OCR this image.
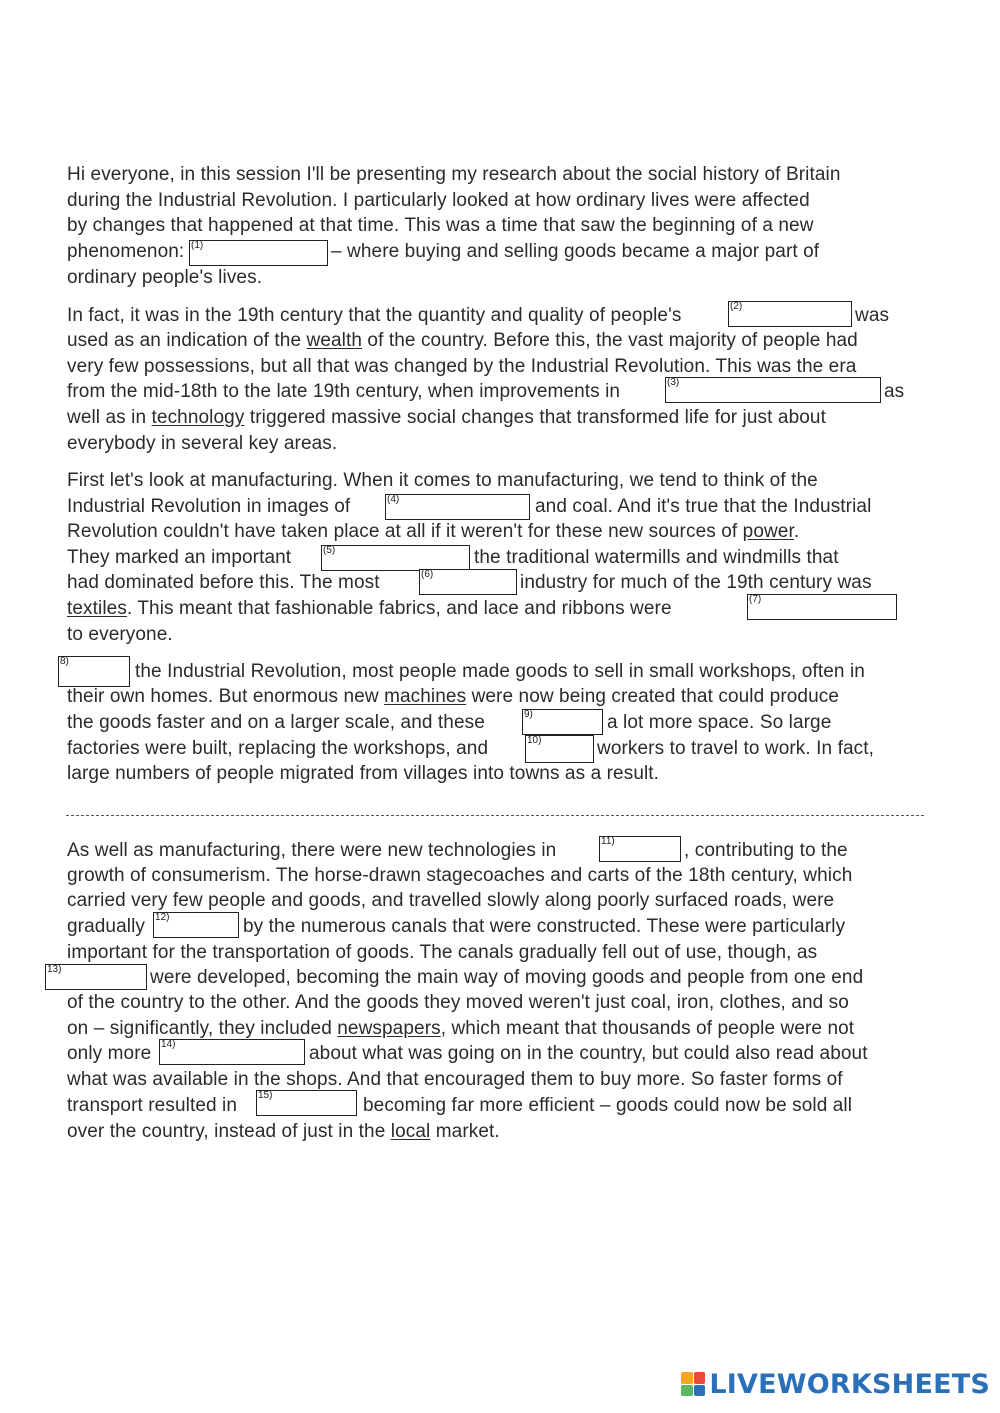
Hi everyone, in this session I'll be presenting my research about the social history of Britain
during the Industrial Revolution. I particularly looked at how ordinary lives were affected
by changes that happened at that time. This was a time that saw the beginning of a new
phenomenon: (1)	– where buying and selling goods became a major part of
ordinary people's lives.
In fact, it was in the 19th century that the quantity and quality of people's	(2)	was
used as an indication of the wealth of the country. Before this, the vast majority of people had
very few possessions, but all that was changed by the Industrial Revolution. This was the era
from the mid-18th to the late 19th century, when improvements in	(3)	as
well as in technology triggered massive social changes that transformed life for just about
everybody in several key areas.
First let's look at manufacturing. When it comes to manufacturing, we tend to think of the
Industrial Revolution in images of	(4)	and coal. And it's true that the Industrial
Revolution couldn't have taken place at all if it weren't for these new sources of power.
They marked an important	(5)	the traditional watermills and windmills that
had dominated before this. The most	(6)	industry for much of the 19th century was
textiles. This meant that fashionable fabrics, and lace and ribbons were	(7)
to everyone.
8)	the Industrial Revolution, most people made goods to sell in small workshops, often in
their own homes. But enormous new machines were now being created that could produce
the goods faster and on a larger scale, and these	9)	a lot more space. So large
factories were built, replacing the workshops, and	10)	workers to travel to work. In fact,
large numbers of people migrated from villages into towns as a result.
As well as manufacturing, there were new technologies in	11)	, contributing to the
growth of consumerism. The horse-drawn stagecoaches and carts of the 18th century, which
carried very few people and goods, and travelled slowly along poorly surfaced roads, were
gradually 12)	by the numerous canals that were constructed. These were particularly
important for the transportation of goods. The canals gradually fell out of use, though, as
13)	were developed, becoming the main way of moving goods and people from one end
of the country to the other. And the goods they moved weren't just coal, iron, clothes, and so
on – significantly, they included newspapers, which meant that thousands of people were not
only more 14)	about what was going on in the country, but could also read about
what was available in the shops. And that encouraged them to buy more. So faster forms of
transport resulted in 15)	becoming far more efficient – goods could now be sold all
over the country, instead of just in the local market.
LIVEWORKSHEETS
